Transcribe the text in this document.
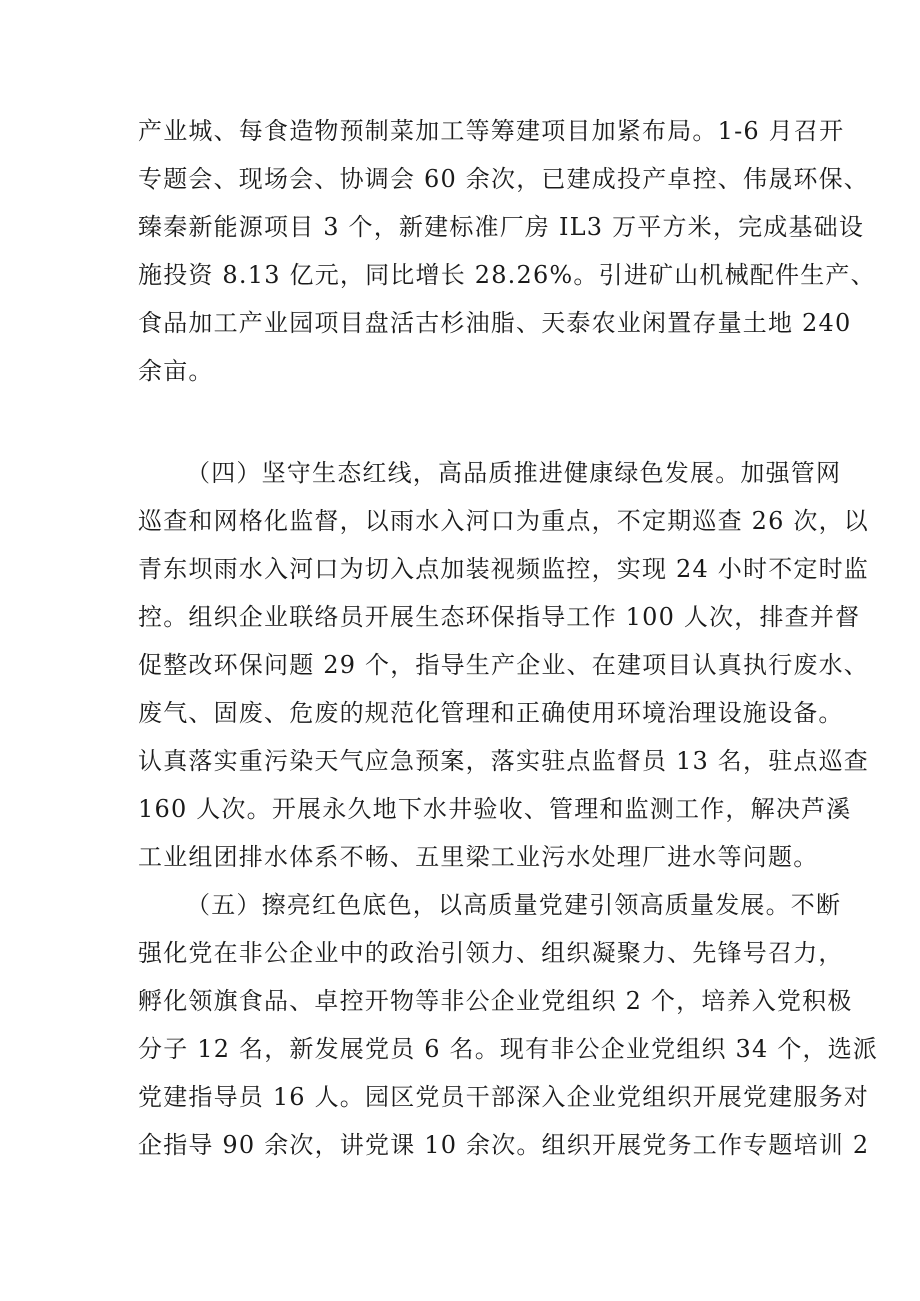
产业城、每食造物预制菜加工等筹建项目加紧布局。1-6 月召开

专题会、现场会、协调会 60 余次，已建成投产卓控、伟晟环保、

臻秦新能源项目 3 个，新建标准厂房 IL3 万平方米，完成基础设

施投资 8.13 亿元，同比增长 28.26%。引进矿山机械配件生产、

食品加工产业园项目盘活古杉油脂、天泰农业闲置存量土地 240

余亩。

（四）坚守生态红线，高品质推进健康绿色发展。加强管网

巡查和网格化监督，以雨水入河口为重点，不定期巡查 26 次，以

青东坝雨水入河口为切入点加装视频监控，实现 24 小时不定时监

控。组织企业联络员开展生态环保指导工作 100 人次，排查并督

促整改环保问题 29 个，指导生产企业、在建项目认真执行废水、

废气、固废、危废的规范化管理和正确使用环境治理设施设备。

认真落实重污染天气应急预案，落实驻点监督员 13 名，驻点巡查

160 人次。开展永久地下水井验收、管理和监测工作，解决芦溪

工业组团排水体系不畅、五里梁工业污水处理厂进水等问题。

（五）擦亮红色底色，以高质量党建引领高质量发展。不断

强化党在非公企业中的政治引领力、组织凝聚力、先锋号召力，

孵化领旗食品、卓控开物等非公企业党组织 2 个，培养入党积极

分子 12 名，新发展党员 6 名。现有非公企业党组织 34 个，选派

党建指导员 16 人。园区党员干部深入企业党组织开展党建服务对

企指导 90 余次，讲党课 10 余次。组织开展党务工作专题培训 2
